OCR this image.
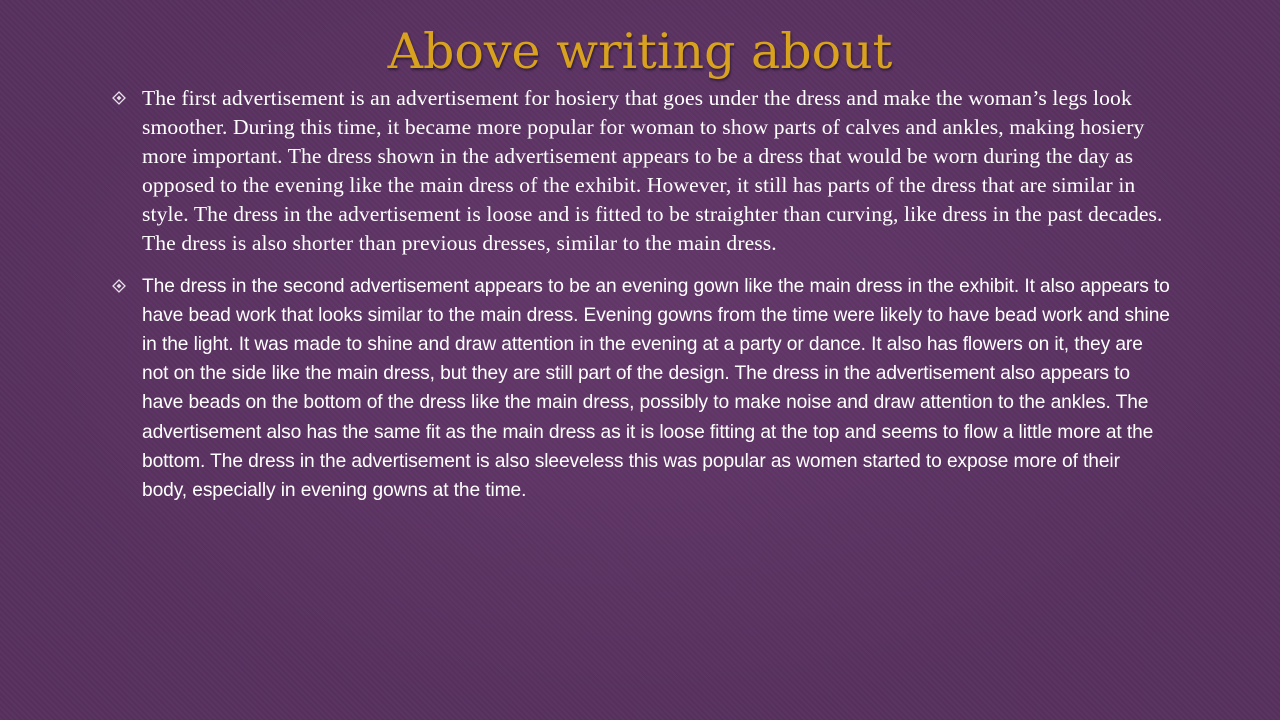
Above writing about
The first advertisement is an advertisement for hosiery that goes under the dress and make the woman’s legs look smoother. During this time, it became more popular for woman to show parts of calves and ankles, making hosiery more important. The dress shown in the advertisement appears to be a dress that would be worn during the day as opposed to the evening like the main dress of the exhibit. However, it still has parts of the dress that are similar in style. The dress in the advertisement is loose and is fitted to be straighter than curving, like dress in the past decades. The dress is also shorter than previous dresses, similar to the main dress.
The dress in the second advertisement appears to be an evening gown like the main dress in the exhibit. It also appears to have bead work that looks similar to the main dress. Evening gowns from the time were likely to have bead work and shine in the light. It was made to shine and draw attention in the evening at a party or dance. It also has flowers on it, they are not on the side like the main dress, but they are still part of the design. The dress in the advertisement also appears to have beads on the bottom of the dress like the main dress, possibly to make noise and draw attention to the ankles. The advertisement also has the same fit as the main dress as it is loose fitting at the top and seems to flow a little more at the bottom. The dress in the advertisement is also sleeveless this was popular as women started to expose more of their body, especially in evening gowns at the time.
